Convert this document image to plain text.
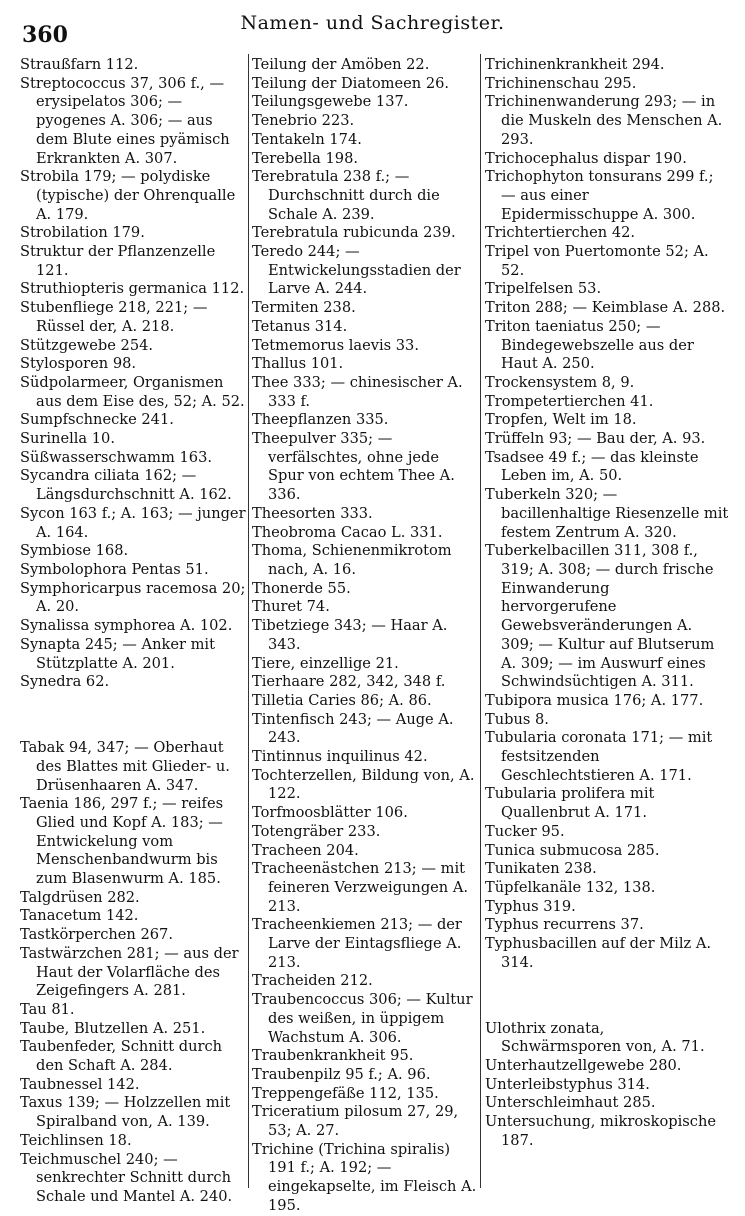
360	Namen- und Sachregister.

Straußfarn 112.

Streptococcus 37, 306 f., — erysipelatos 306; — pyogenes A. 306; — aus dem Blute eines pyämisch Erkrankten A. 307.

Strobila 179; — polydiske (typische) der Ohrenqualle A. 179.

Strobilation 179.

Struktur der Pflanzenzelle 121.

Struthiopteris germanica 112.

Stubenfliege 218, 221; — Rüssel der, A. 218.

Stützgewebe 254.

Stylosporen 98.

Südpolarmeer, Organismen aus dem Eise des, 52; A. 52.

Sumpfschnecke 241.

Surinella 10.

Süßwasserschwamm 163.

Sycandra ciliata 162; — Längsdurchschnitt A. 162.

Sycon 163 f.; A. 163; — junger A. 164.

Symbiose 168.

Symbolophora Pentas 51.

Symphoricarpus racemosa 20; A. 20.

Synalissa symphorea A. 102.

Synapta 245; — Anker mit Stützplatte A. 201.

Synedra 62.

Tabak 94, 347; — Oberhaut des Blattes mit Glieder- u. Drüsenhaaren A. 347.

Taenia 186, 297 f.; — reifes Glied und Kopf A. 183; — Entwickelung vom Menschenbandwurm bis zum Blasenwurm A. 185.

Talgdrüsen 282.

Tanacetum 142.

Tastkörperchen 267.

Tastwärzchen 281; — aus der Haut der Volarfläche des Zeigefingers A. 281.

Tau 81.

Taube, Blutzellen A. 251.

Taubenfeder, Schnitt durch den Schaft A. 284.

Taubnessel 142.

Taxus 139; — Holzzellen mit Spiralband von, A. 139.

Teichlinsen 18.

Teichmuschel 240; — senkrechter Schnitt durch Schale und Mantel A. 240.

Teilung der Amöben 22.

Teilung der Diatomeen 26.

Teilungsgewebe 137.

Tenebrio 223.

Tentakeln 174.

Terebella 198.

Terebratula 238 f.; — Durchschnitt durch die Schale A. 239.

Terebratula rubicunda 239.

Teredo 244; — Entwickelungsstadien der Larve A. 244.

Termiten 238.

Tetanus 314.

Tetmemorus laevis 33.

Thallus 101.

Thee 333; — chinesischer A. 333 f.

Theepflanzen 335.

Theepulver 335; — verfälschtes, ohne jede Spur von echtem Thee A. 336.

Theesorten 333.

Theobroma Cacao L. 331.

Thoma, Schienenmikrotom nach, A. 16.

Thonerde 55.

Thuret 74.

Tibetziege 343; — Haar A. 343.

Tiere, einzellige 21.

Tierhaare 282, 342, 348 f.

Tilletia Caries 86; A. 86.

Tintenfisch 243; — Auge A. 243.

Tintinnus inquilinus 42.

Tochterzellen, Bildung von, A. 122.

Torfmoosblätter 106.

Totengräber 233.

Tracheen 204.

Tracheenästchen 213; — mit feineren Verzweigungen A. 213.

Tracheenkiemen 213; — der Larve der Eintagsfliege A. 213.

Tracheiden 212.

Traubencoccus 306; — Kultur des weißen, in üppigem Wachstum A. 306.

Traubenkrankheit 95.

Traubenpilz 95 f.; A. 96.

Treppengefäße 112, 135.

Triceratium pilosum 27, 29, 53; A. 27.

Trichine (Trichina spiralis) 191 f.; A. 192; — eingekapselte, im Fleisch A. 195.

Trichinenkrankheit 294.

Trichinenschau 295.

Trichinenwanderung 293; — in die Muskeln des Menschen A. 293.

Trichocephalus dispar 190.

Trichophyton tonsurans 299 f.; — aus einer Epidermisschuppe A. 300.

Trichtertierchen 42.

Tripel von Puertomonte 52; A. 52.

Tripelfelsen 53.

Triton 288; — Keimblase A. 288.

Triton taeniatus 250; — Bindegewebszelle aus der Haut A. 250.

Trockensystem 8, 9.

Trompetertierchen 41.

Tropfen, Welt im 18.

Trüffeln 93; — Bau der, A. 93.

Tsadsee 49 f.; — das kleinste Leben im, A. 50.

Tuberkeln 320; — bacillenhaltige Riesenzelle mit festem Zentrum A. 320.

Tuberkelbacillen 311, 308 f., 319; A. 308; — durch frische Einwanderung hervorgerufene Gewebsveränderungen A. 309; — Kultur auf Blutserum A. 309; — im Auswurf eines Schwindsüchtigen A. 311.

Tubipora musica 176; A. 177.

Tubus 8.

Tubularia coronata 171; — mit festsitzenden Geschlechtstieren A. 171.

Tubularia prolifera mit Quallenbrut A. 171.

Tucker 95.

Tunica submucosa 285.

Tunikaten 238.

Tüpfelkanäle 132, 138.

Typhus 319.

Typhus recurrens 37.

Typhusbacillen auf der Milz A. 314.

Ulothrix zonata, Schwärmsporen von, A. 71.

Unterhautzellgewebe 280.

Unterleibstyphus 314.

Unterschleimhaut 285.

Untersuchung, mikroskopische 187.
